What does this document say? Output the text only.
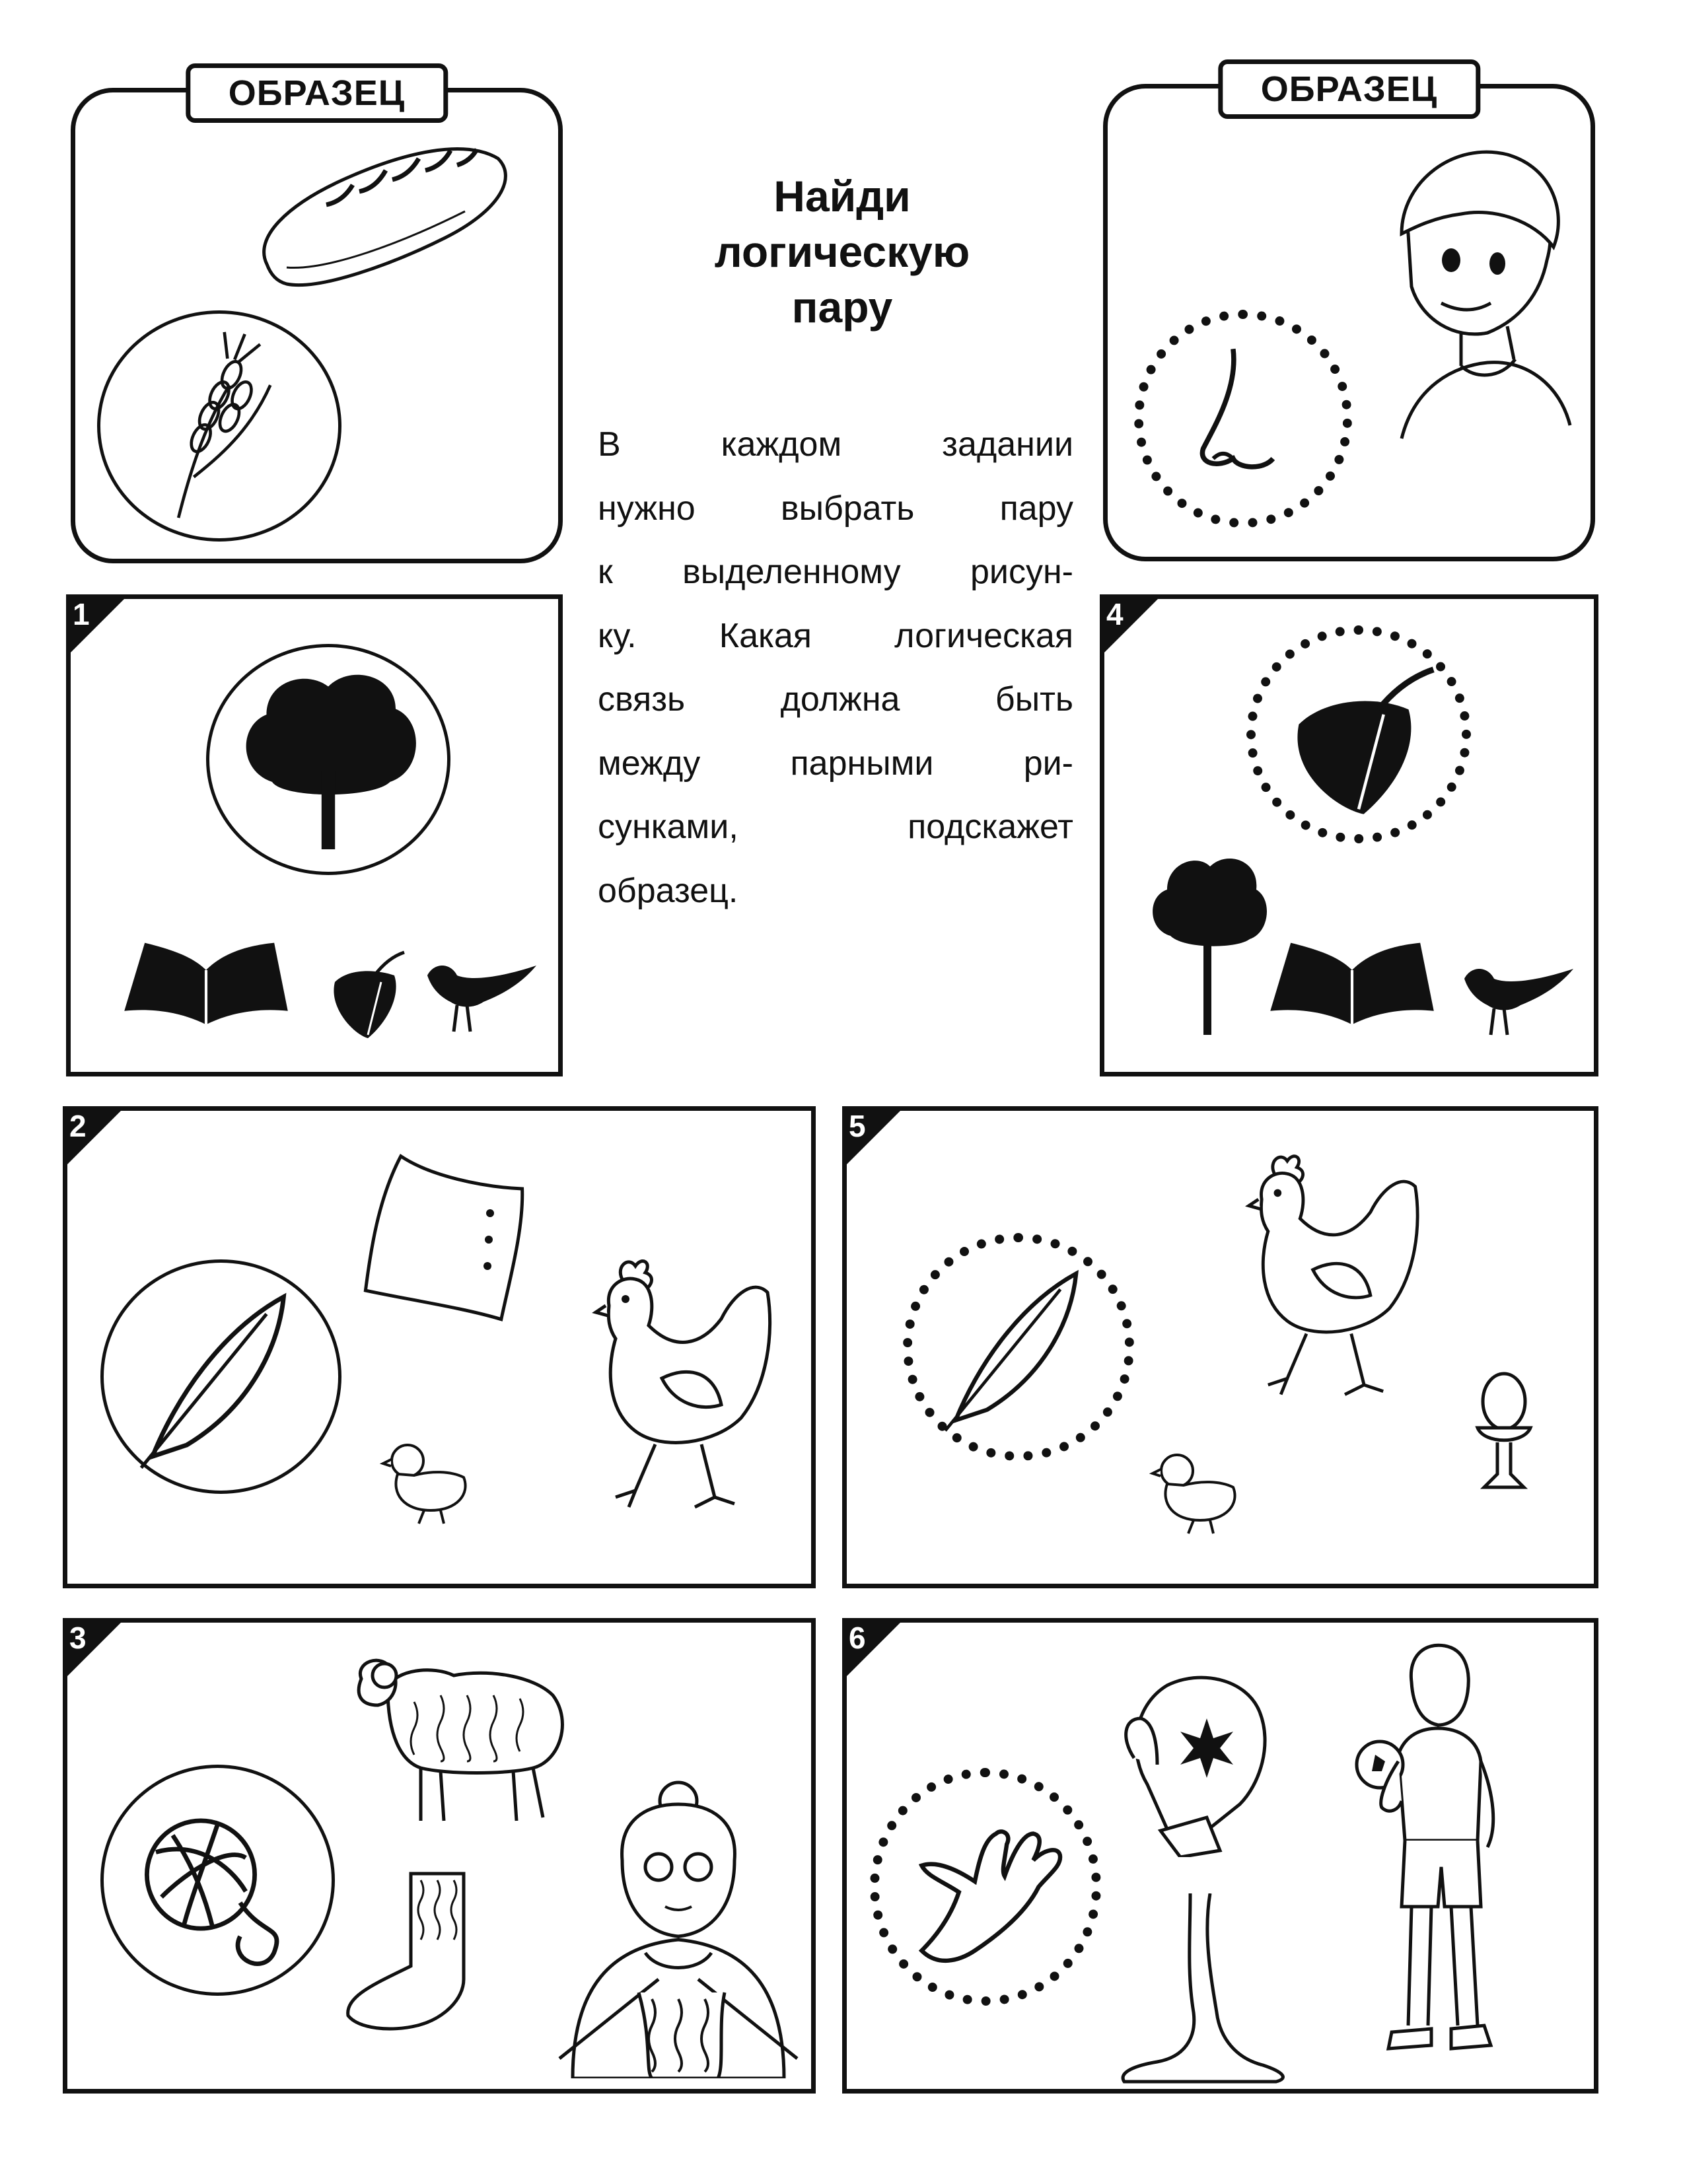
ОБРАЗЕЦ
Найди
логическую
пару
В каждом задании
нужно выбрать пару
к выделенному рисун-
ку. Какая логическая
связь должна быть
между парными ри-
сунками, подскажет
образец.
ОБРАЗЕЦ
1	4
2	5
3	6
